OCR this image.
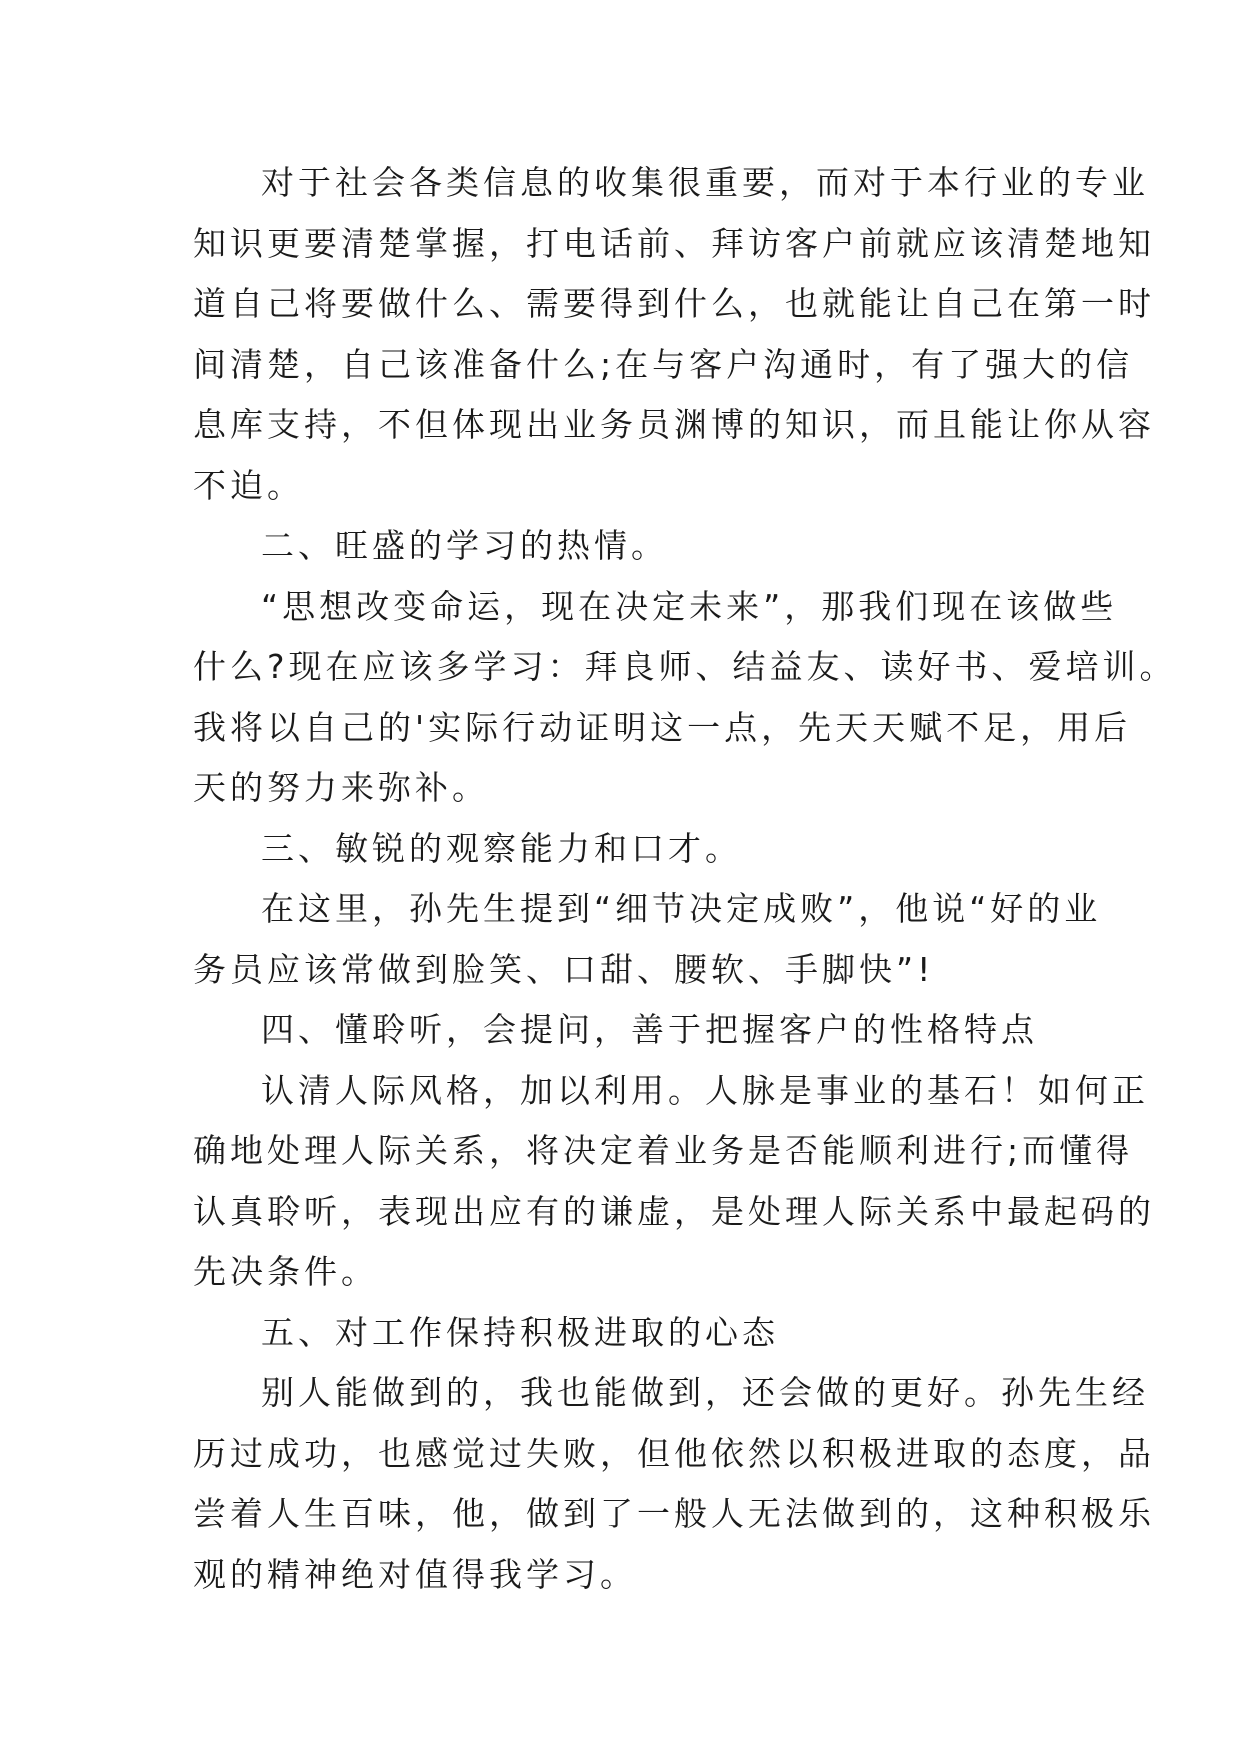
对于社会各类信息的收集很重要，而对于本行业的专业
知识更要清楚掌握，打电话前、拜访客户前就应该清楚地知
道自己将要做什么、需要得到什么，也就能让自己在第一时
间清楚，自己该准备什么;在与客户沟通时，有了强大的信
息库支持，不但体现出业务员渊博的知识，而且能让你从容
不迫。
二、旺盛的学习的热情。
“思想改变命运，现在决定未来”，那我们现在该做些
什么?现在应该多学习：拜良师、结益友、读好书、爱培训。
我将以自己的'实际行动证明这一点，先天天赋不足，用后
天的努力来弥补。
三、敏锐的观察能力和口才。
在这里，孙先生提到“细节决定成败”，他说“好的业
务员应该常做到脸笑、口甜、腰软、手脚快”!
四、懂聆听，会提问，善于把握客户的性格特点
认清人际风格，加以利用。人脉是事业的基石！如何正
确地处理人际关系，将决定着业务是否能顺利进行;而懂得
认真聆听，表现出应有的谦虚，是处理人际关系中最起码的
先决条件。
五、对工作保持积极进取的心态
别人能做到的，我也能做到，还会做的更好。孙先生经
历过成功，也感觉过失败，但他依然以积极进取的态度，品
尝着人生百味，他，做到了一般人无法做到的，这种积极乐
观的精神绝对值得我学习。
